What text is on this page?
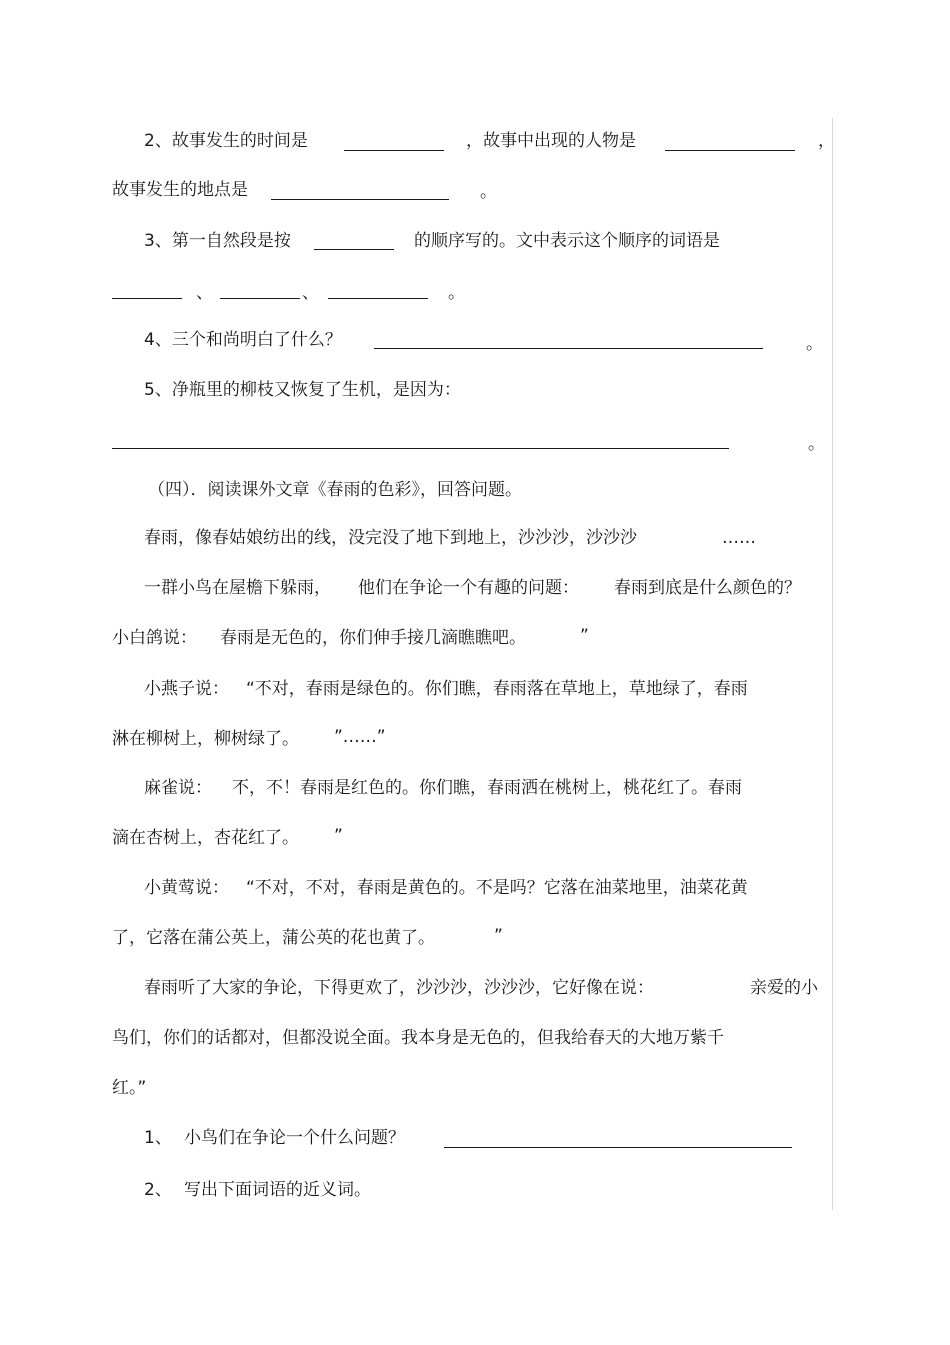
2、故事发生的时间是	，故事中出现的人物是	，
故事发生的地点是	。
3、第一自然段是按	的顺序写的。文中表示这个顺序的词语是
、	、	。
4、三个和尚明白了什么？	。
5、净瓶里的柳枝又恢复了生机，是因为：
。
（四）．阅读课外文章《春雨的色彩》，回答问题。
春雨，像春姑娘纺出的线，没完没了地下到地上，沙沙沙，沙沙沙	……
一群小鸟在屋檐下躲雨， 他们在争论一个有趣的问题： 春雨到底是什么颜色的？
小白鸽说： 春雨是无色的，你们伸手接几滴瞧瞧吧。	”
小燕子说： “不对，春雨是绿色的。你们瞧，春雨落在草地上，草地绿了，春雨
淋在柳树上，柳树绿了。 ”……”
麻雀说： 不，不！春雨是红色的。你们瞧，春雨洒在桃树上，桃花红了。春雨
滴在杏树上，杏花红了。 ”
小黄莺说： “不对，不对，春雨是黄色的。不是吗？它落在油菜地里，油菜花黄
了，它落在蒲公英上，蒲公英的花也黄了。	”
春雨听了大家的争论，下得更欢了，沙沙沙，沙沙沙，它好像在说：	亲爱的小
鸟们，你们的话都对，但都没说全面。我本身是无色的，但我给春天的大地万紫千
红。”
1、 小鸟们在争论一个什么问题？
2、 写出下面词语的近义词。
